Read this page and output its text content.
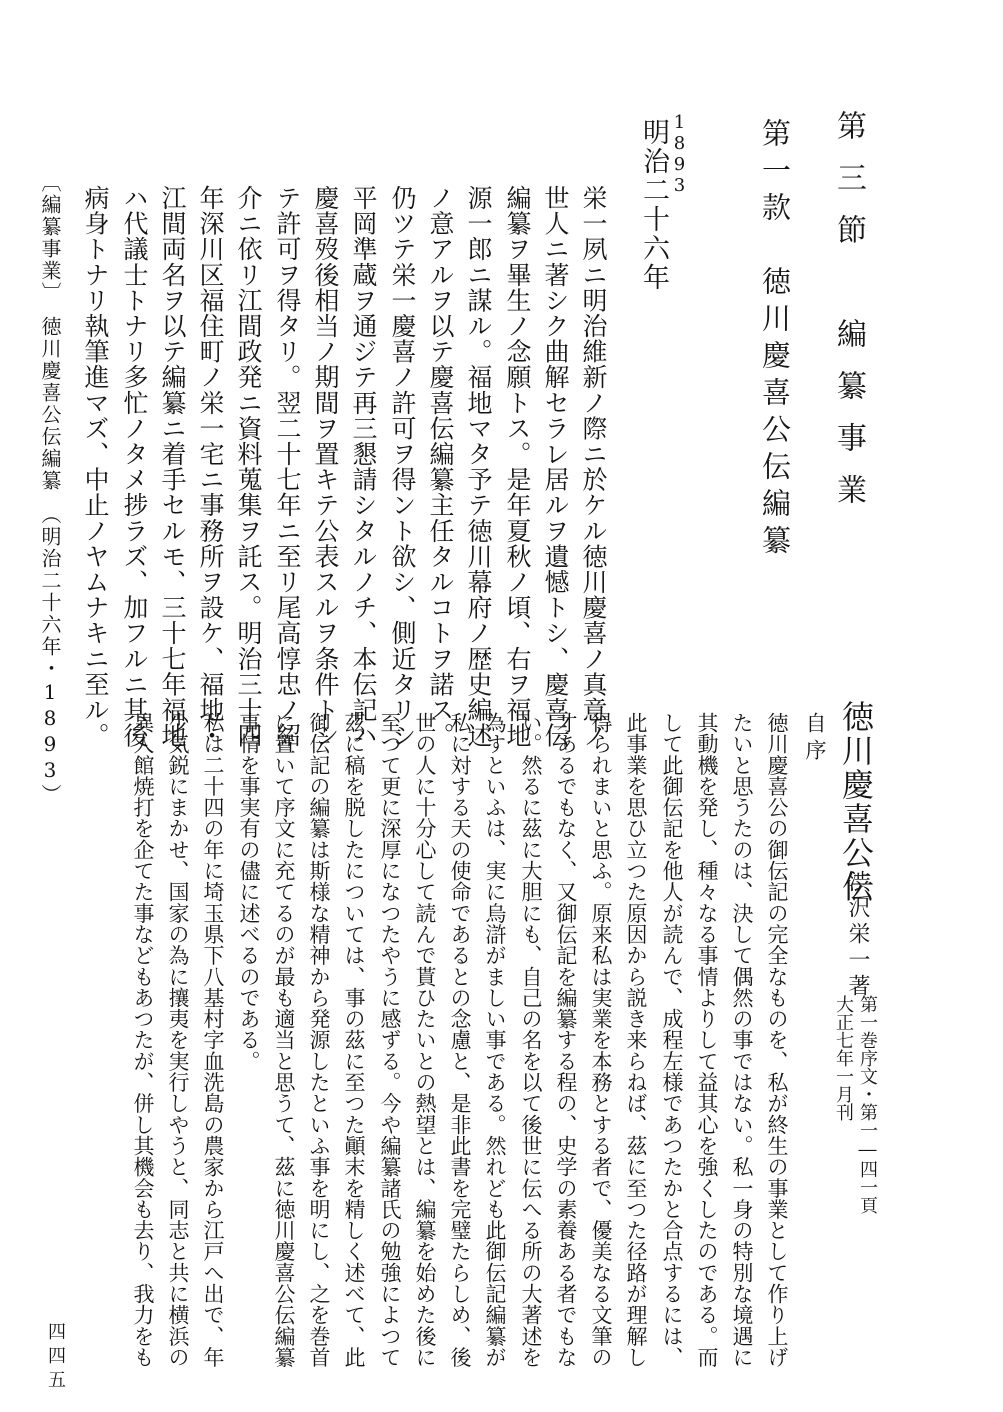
第三節　編纂事業
第一款　徳川慶喜公伝編纂
1893
明治二十六年
栄一夙ニ明治維新ノ際ニ於ケル徳川慶喜ノ真意ノ
世人ニ著シク曲解セラレ居ルヲ遺憾トシ、慶喜伝
編纂ヲ畢生ノ念願トス。是年夏秋ノ頃、右ヲ福地
源一郎ニ謀ル。福地マタ予テ徳川幕府ノ歴史編述
ノ意アルヲ以テ慶喜伝編纂主任タルコトヲ諾ス。
仍ツテ栄一慶喜ノ許可ヲ得ント欲シ、側近タリシ
平岡準蔵ヲ通ジテ再三懇請シタルノチ、本伝記ハ
慶喜歿後相当ノ期間ヲ置キテ公表スルヲ条件トシ
テ許可ヲ得タリ。翌二十七年ニ至リ尾高惇忠ノ紹
介ニ依リ江間政発ニ資料蒐集ヲ託ス。明治三十四
年深川区福住町ノ栄一宅ニ事務所ヲ設ケ、福地・
江間両名ヲ以テ編纂ニ着手セルモ、三十七年福地
ハ代議士トナリ多忙ノタメ捗ラズ、加フルニ其後
病身トナリ執筆進マズ、中止ノヤムナキニ至ル。
〔編纂事業〕　徳川慶喜公伝編纂　（明治二十六年・1893）	徳川慶喜公伝
渋沢栄一著
第一巻序文・第一―四一頁
大正七年一月刊
自序
徳川慶喜公の御伝記の完全なものを、私が終生の事業として作り上げ
たいと思うたのは、決して偶然の事ではない。私一身の特別な境遇に
其動機を発し、種々なる事情よりして益其心を強くしたのである。而
して此御伝記を他人が読んで、成程左様であつたかと合点するには、
此事業を思ひ立つた原因から説き来らねば、茲に至つた径路が理解し
得られまいと思ふ。原来私は実業を本務とする者で、優美なる文筆の
才あるでもなく、又御伝記を編纂する程の、史学の素養ある者でもな
い。然るに茲に大胆にも、自己の名を以て後世に伝へる所の大著述を
為すといふは、実に烏滸がましい事である。然れども此御伝記編纂が
私に対する天の使命であるとの念慮と、是非此書を完璧たらしめ、後
世の人に十分心して読んで貰ひたいとの熱望とは、編纂を始めた後に
至つて更に深厚になつたやうに感ずる。今や編纂諸氏の勉強によつて
茲に稿を脱したについては、事の茲に至つた顚末を精しく述べて、此
御伝記の編纂は斯様な精神から発源したといふ事を明にし、之を巻首
に置いて序文に充てるのが最も適当と思うて、茲に徳川慶喜公伝編纂
事情を事実有の儘に述べるのである。
私は二十四の年に埼玉県下八基村字血洗島の農家から江戸へ出で、年
少気鋭にまかせ、国家の為に攘夷を実行しやうと、同志と共に横浜の
異人館焼打を企てた事などもあつたが、併し其機会も去り、我力をも
四四五
